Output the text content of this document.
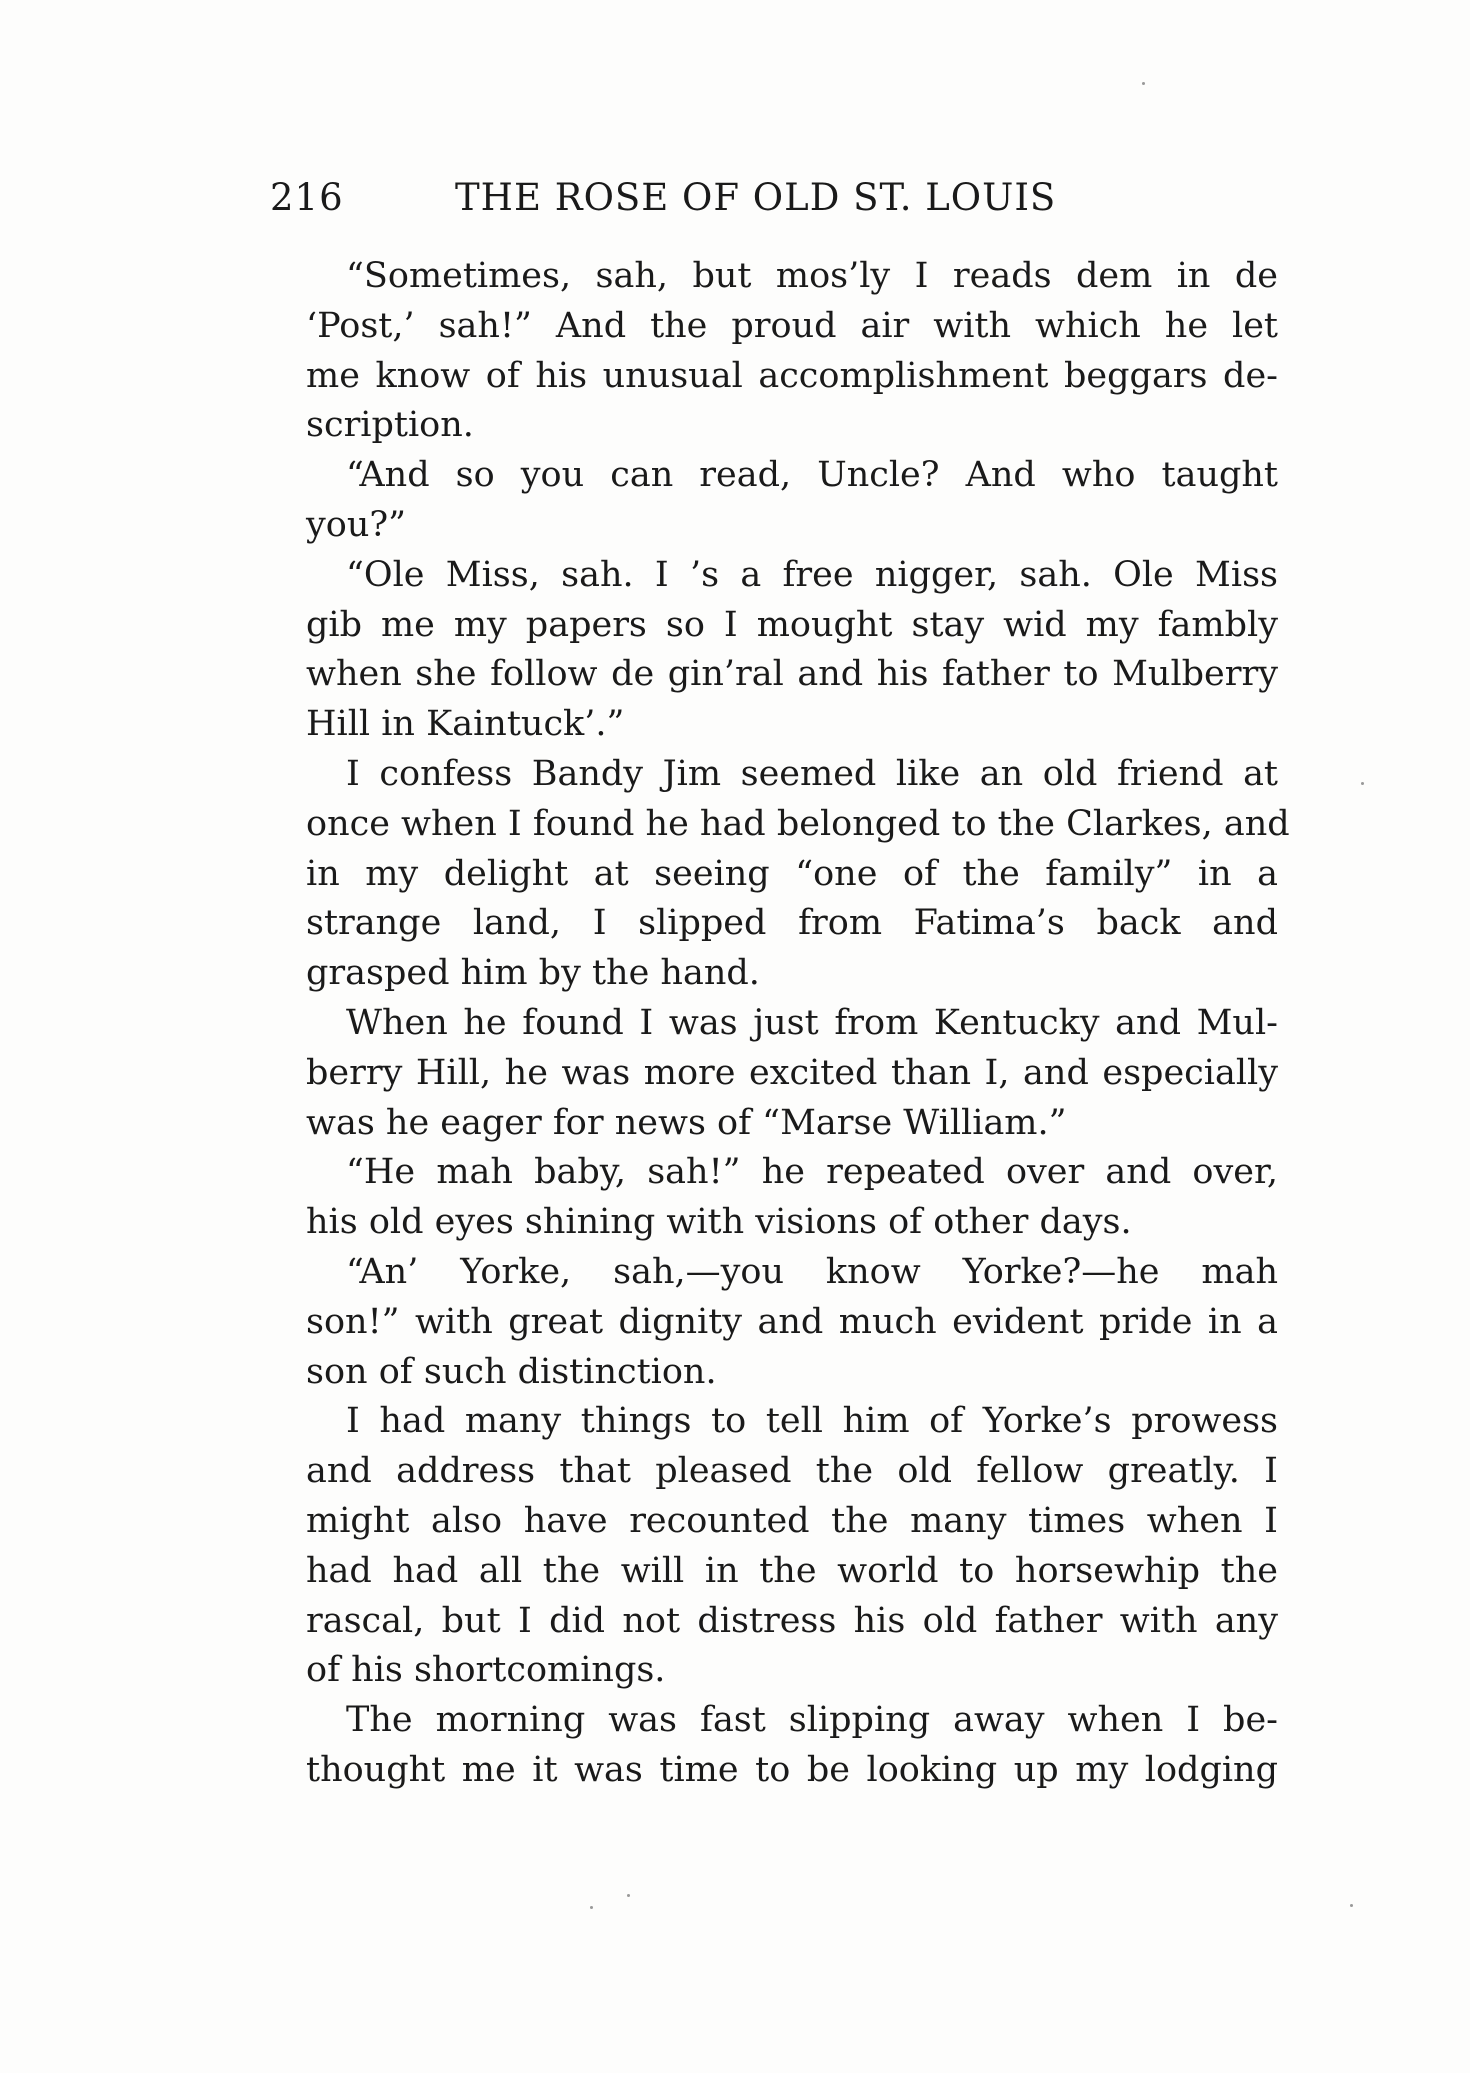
216	THE ROSE OF OLD ST. LOUIS
“Sometimes, sah, but mos’ly I reads dem in de
‘Post,’ sah!” And the proud air with which he let
me know of his unusual accomplishment beggars de-
scription.
“And so you can read, Uncle? And who taught
you?”
“Ole Miss, sah. I ’s a free nigger, sah. Ole Miss
gib me my papers so I mought stay wid my fambly
when she follow de gin’ral and his father to Mulberry
Hill in Kaintuck’.”
I confess Bandy Jim seemed like an old friend at
once when I found he had belonged to the Clarkes, and
in my delight at seeing “one of the family” in a
strange land, I slipped from Fatima’s back and
grasped him by the hand.
When he found I was just from Kentucky and Mul-
berry Hill, he was more excited than I, and especially
was he eager for news of “Marse William.”
“He mah baby, sah!” he repeated over and over,
his old eyes shining with visions of other days.
“An’ Yorke, sah,—you know Yorke?—he mah
son!” with great dignity and much evident pride in a
son of such distinction.
I had many things to tell him of Yorke’s prowess
and address that pleased the old fellow greatly. I
might also have recounted the many times when I
had had all the will in the world to horsewhip the
rascal, but I did not distress his old father with any
of his shortcomings.
The morning was fast slipping away when I be-
thought me it was time to be looking up my lodging
